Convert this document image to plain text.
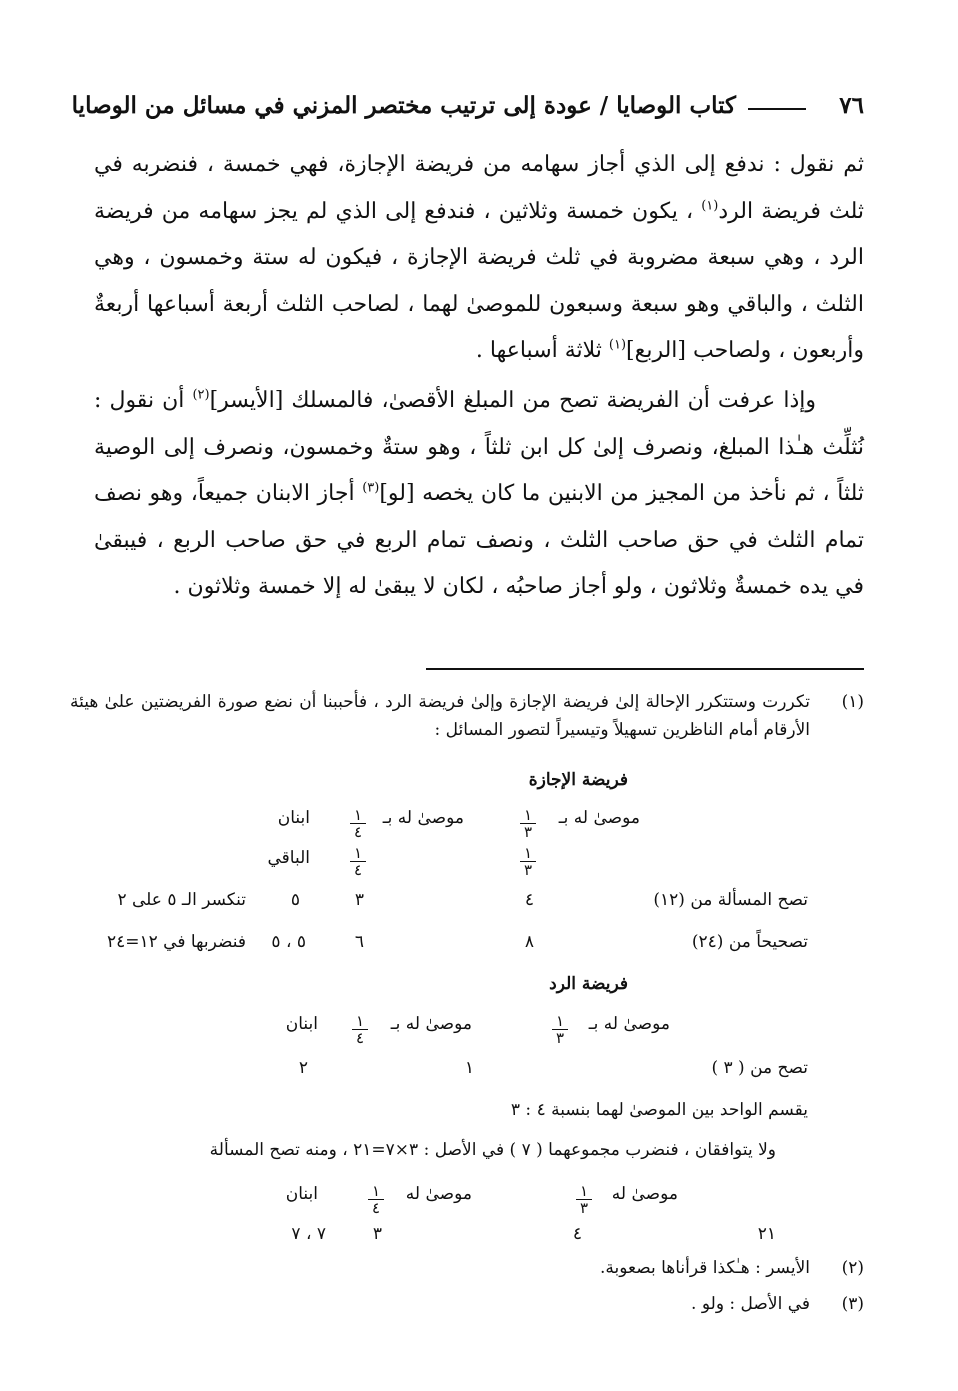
٧٦
كتاب الوصايا / عودة إلى ترتيب مختصر المزني في مسائل من الوصايا

ثم نقول : ندفع إلى الذي أجاز سهامه من فريضة الإجازة، فهي خمسة ، فنضربه في ثلث فريضة الرد$^{(١)}$ ، يكون خمسة وثلاثين ، فندفع إلى الذي لم يجز سهامه من فريضة الرد ، وهي سبعة مضروبة في ثلث فريضة الإجازة ، فيكون له ستة وخمسون ، وهي الثلث ، والباقي وهو سبعة وسبعون للموصىٰ لهما ، لصاحب الثلث أربعة أسباعها أربعةٌ وأربعون ، ولصاحب [الربع]$^{(١)}$ ثلاثة أسباعها .

وإذا عرفت أن الفريضة تصح من المبلغ الأقصىٰ، فالمسلك [الأيسر]$^{(٢)}$ أن نقول : نُثلِّث هـٰذا المبلغ، ونصرف إلىٰ كل ابن ثلثاً ، وهو ستةٌ وخمسون، ونصرف إلى الوصية ثلثاً ، ثم نأخذ من المجيز من الابنين ما كان يخصه [لو]$^{(٣)}$ أجاز الابنان جميعاً، وهو نصف تمام الثلث في حق صاحب الثلث ، ونصف تمام الربع في حق صاحب الربع ، فيبقىٰ في يده خمسةٌ وثلاثون ، ولو أجاز صاحبُه ، لكان لا يبقىٰ له إلا خمسة وثلاثون .

(١)
تكررت وستتكرر الإحالة إلىٰ فريضة الإجازة وإلىٰ فريضة الرد ، فأحببنا أن نضع صورة الفريضتين علىٰ هيئة الأرقام أمام الناظرين تسهيلاً وتيسيراً لتصور المسائل :
فريضة الإجازة
موصىٰ له بـ
١
٣
موصىٰ له بـ
١
٤
ابنان
١
٣
١
٤
الباقي
تصح المسألة من (١٢)
٤
٣
٥
تنكسر الـ ٥ على ٢
تصحيحاً من (٢٤)
٨
٦
٥ ، ٥
فنضربها في ١٢=٢٤
فريضة الرد
موصىٰ له بـ
١
٣
موصىٰ له بـ
١
٤
ابنان
تصح من ( ٣ )
١
٢
يقسم الواحد بين الموصىٰ لهما بنسبة ٤ : ٣
ولا يتوافقان ، فنضرب مجموعهما ( ٧ ) في الأصل : ٣×٧=٢١ ، ومنه تصح المسألة
موصىٰ له
١
٣
موصىٰ له
١
٤
ابنان
٢١
٤
٣
٧ ، ٧
(٢)
الأيسر : هـٰكذا قرأناها بصعوبة.
(٣)
في الأصل : ولو .
